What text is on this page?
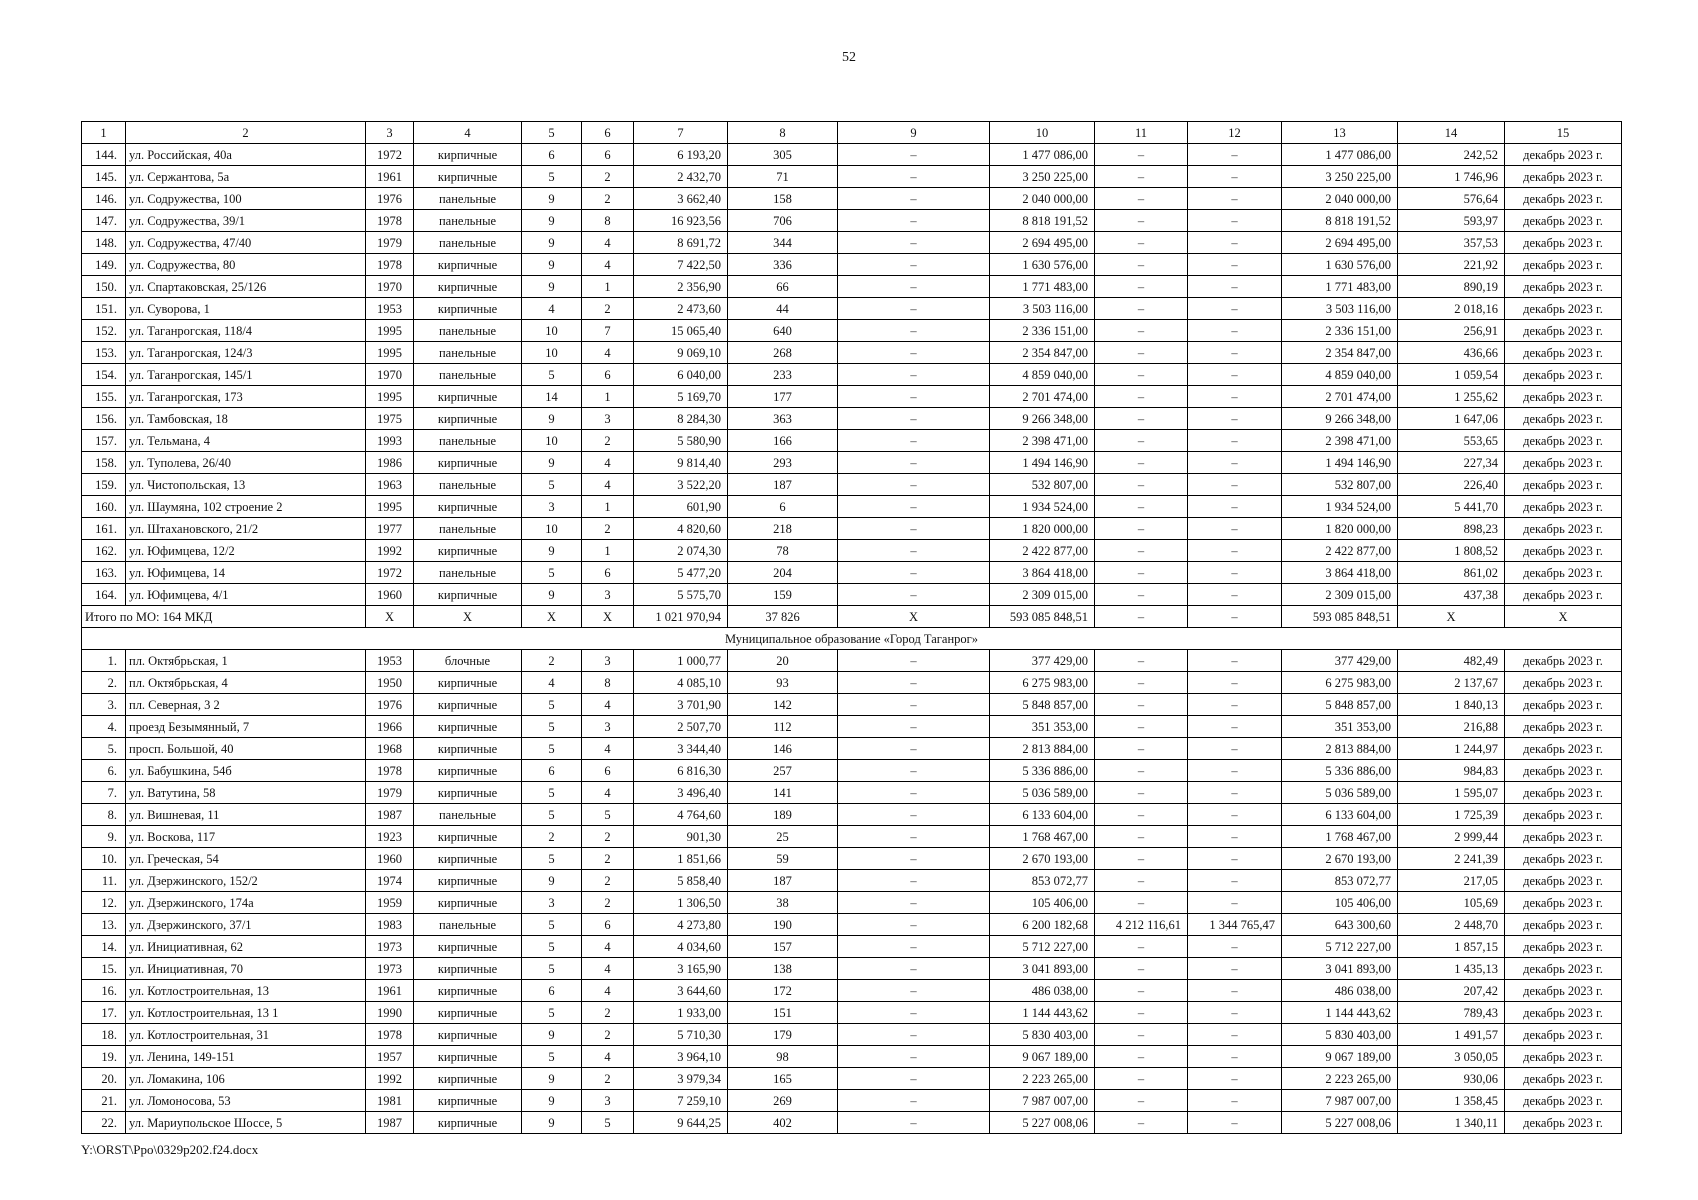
52
1	2	3	4	5	6	7	8	9	10	11	12	13	14	15
144.	ул. Российская, 40а	1972	кирпичные	6	6	6 193,20	305	–	1 477 086,00	–	–	1 477 086,00	242,52	декабрь 2023 г.
145.	ул. Сержантова, 5а	1961	кирпичные	5	2	2 432,70	71	–	3 250 225,00	–	–	3 250 225,00	1 746,96	декабрь 2023 г.
146.	ул. Содружества, 100	1976	панельные	9	2	3 662,40	158	–	2 040 000,00	–	–	2 040 000,00	576,64	декабрь 2023 г.
147.	ул. Содружества, 39/1	1978	панельные	9	8	16 923,56	706	–	8 818 191,52	–	–	8 818 191,52	593,97	декабрь 2023 г.
148.	ул. Содружества, 47/40	1979	панельные	9	4	8 691,72	344	–	2 694 495,00	–	–	2 694 495,00	357,53	декабрь 2023 г.
149.	ул. Содружества, 80	1978	кирпичные	9	4	7 422,50	336	–	1 630 576,00	–	–	1 630 576,00	221,92	декабрь 2023 г.
150.	ул. Спартаковская, 25/126	1970	кирпичные	9	1	2 356,90	66	–	1 771 483,00	–	–	1 771 483,00	890,19	декабрь 2023 г.
151.	ул. Суворова, 1	1953	кирпичные	4	2	2 473,60	44	–	3 503 116,00	–	–	3 503 116,00	2 018,16	декабрь 2023 г.
152.	ул. Таганрогская, 118/4	1995	панельные	10	7	15 065,40	640	–	2 336 151,00	–	–	2 336 151,00	256,91	декабрь 2023 г.
153.	ул. Таганрогская, 124/3	1995	панельные	10	4	9 069,10	268	–	2 354 847,00	–	–	2 354 847,00	436,66	декабрь 2023 г.
154.	ул. Таганрогская, 145/1	1970	панельные	5	6	6 040,00	233	–	4 859 040,00	–	–	4 859 040,00	1 059,54	декабрь 2023 г.
155.	ул. Таганрогская, 173	1995	кирпичные	14	1	5 169,70	177	–	2 701 474,00	–	–	2 701 474,00	1 255,62	декабрь 2023 г.
156.	ул. Тамбовская, 18	1975	кирпичные	9	3	8 284,30	363	–	9 266 348,00	–	–	9 266 348,00	1 647,06	декабрь 2023 г.
157.	ул. Тельмана, 4	1993	панельные	10	2	5 580,90	166	–	2 398 471,00	–	–	2 398 471,00	553,65	декабрь 2023 г.
158.	ул. Туполева, 26/40	1986	кирпичные	9	4	9 814,40	293	–	1 494 146,90	–	–	1 494 146,90	227,34	декабрь 2023 г.
159.	ул. Чистопольская, 13	1963	панельные	5	4	3 522,20	187	–	532 807,00	–	–	532 807,00	226,40	декабрь 2023 г.
160.	ул. Шаумяна, 102 строение 2	1995	кирпичные	3	1	601,90	6	–	1 934 524,00	–	–	1 934 524,00	5 441,70	декабрь 2023 г.
161.	ул. Штахановского, 21/2	1977	панельные	10	2	4 820,60	218	–	1 820 000,00	–	–	1 820 000,00	898,23	декабрь 2023 г.
162.	ул. Юфимцева, 12/2	1992	кирпичные	9	1	2 074,30	78	–	2 422 877,00	–	–	2 422 877,00	1 808,52	декабрь 2023 г.
163.	ул. Юфимцева, 14	1972	панельные	5	6	5 477,20	204	–	3 864 418,00	–	–	3 864 418,00	861,02	декабрь 2023 г.
164.	ул. Юфимцева, 4/1	1960	кирпичные	9	3	5 575,70	159	–	2 309 015,00	–	–	2 309 015,00	437,38	декабрь 2023 г.
Итого по МО: 164 МКД		X	X	X	X	1 021 970,94	37 826	X	593 085 848,51	–	–	593 085 848,51	X	X
Муниципальное образование «Город Таганрог»														
1.	пл. Октябрьская, 1	1953	блочные	2	3	1 000,77	20	–	377 429,00	–	–	377 429,00	482,49	декабрь 2023 г.
2.	пл. Октябрьская, 4	1950	кирпичные	4	8	4 085,10	93	–	6 275 983,00	–	–	6 275 983,00	2 137,67	декабрь 2023 г.
3.	пл. Северная, 3 2	1976	кирпичные	5	4	3 701,90	142	–	5 848 857,00	–	–	5 848 857,00	1 840,13	декабрь 2023 г.
4.	проезд Безымянный, 7	1966	кирпичные	5	3	2 507,70	112	–	351 353,00	–	–	351 353,00	216,88	декабрь 2023 г.
5.	просп. Большой, 40	1968	кирпичные	5	4	3 344,40	146	–	2 813 884,00	–	–	2 813 884,00	1 244,97	декабрь 2023 г.
6.	ул. Бабушкина, 54б	1978	кирпичные	6	6	6 816,30	257	–	5 336 886,00	–	–	5 336 886,00	984,83	декабрь 2023 г.
7.	ул. Ватутина, 58	1979	кирпичные	5	4	3 496,40	141	–	5 036 589,00	–	–	5 036 589,00	1 595,07	декабрь 2023 г.
8.	ул. Вишневая, 11	1987	панельные	5	5	4 764,60	189	–	6 133 604,00	–	–	6 133 604,00	1 725,39	декабрь 2023 г.
9.	ул. Воскова, 117	1923	кирпичные	2	2	901,30	25	–	1 768 467,00	–	–	1 768 467,00	2 999,44	декабрь 2023 г.
10.	ул. Греческая, 54	1960	кирпичные	5	2	1 851,66	59	–	2 670 193,00	–	–	2 670 193,00	2 241,39	декабрь 2023 г.
11.	ул. Дзержинского, 152/2	1974	кирпичные	9	2	5 858,40	187	–	853 072,77	–	–	853 072,77	217,05	декабрь 2023 г.
12.	ул. Дзержинского, 174а	1959	кирпичные	3	2	1 306,50	38	–	105 406,00	–	–	105 406,00	105,69	декабрь 2023 г.
13.	ул. Дзержинского, 37/1	1983	панельные	5	6	4 273,80	190	–	6 200 182,68	4 212 116,61	1 344 765,47	643 300,60	2 448,70	декабрь 2023 г.
14.	ул. Инициативная, 62	1973	кирпичные	5	4	4 034,60	157	–	5 712 227,00	–	–	5 712 227,00	1 857,15	декабрь 2023 г.
15.	ул. Инициативная, 70	1973	кирпичные	5	4	3 165,90	138	–	3 041 893,00	–	–	3 041 893,00	1 435,13	декабрь 2023 г.
16.	ул. Котлостроительная, 13	1961	кирпичные	6	4	3 644,60	172	–	486 038,00	–	–	486 038,00	207,42	декабрь 2023 г.
17.	ул. Котлостроительная, 13 1	1990	кирпичные	5	2	1 933,00	151	–	1 144 443,62	–	–	1 144 443,62	789,43	декабрь 2023 г.
18.	ул. Котлостроительная, 31	1978	кирпичные	9	2	5 710,30	179	–	5 830 403,00	–	–	5 830 403,00	1 491,57	декабрь 2023 г.
19.	ул. Ленина, 149-151	1957	кирпичные	5	4	3 964,10	98	–	9 067 189,00	–	–	9 067 189,00	3 050,05	декабрь 2023 г.
20.	ул. Ломакина, 106	1992	кирпичные	9	2	3 979,34	165	–	2 223 265,00	–	–	2 223 265,00	930,06	декабрь 2023 г.
21.	ул. Ломоносова, 53	1981	кирпичные	9	3	7 259,10	269	–	7 987 007,00	–	–	7 987 007,00	1 358,45	декабрь 2023 г.
22.	ул. Мариупольское Шоссе, 5	1987	кирпичные	9	5	9 644,25	402	–	5 227 008,06	–	–	5 227 008,06	1 340,11	декабрь 2023 г.
Y:\ORST\Ppo\0329p202.f24.docx
